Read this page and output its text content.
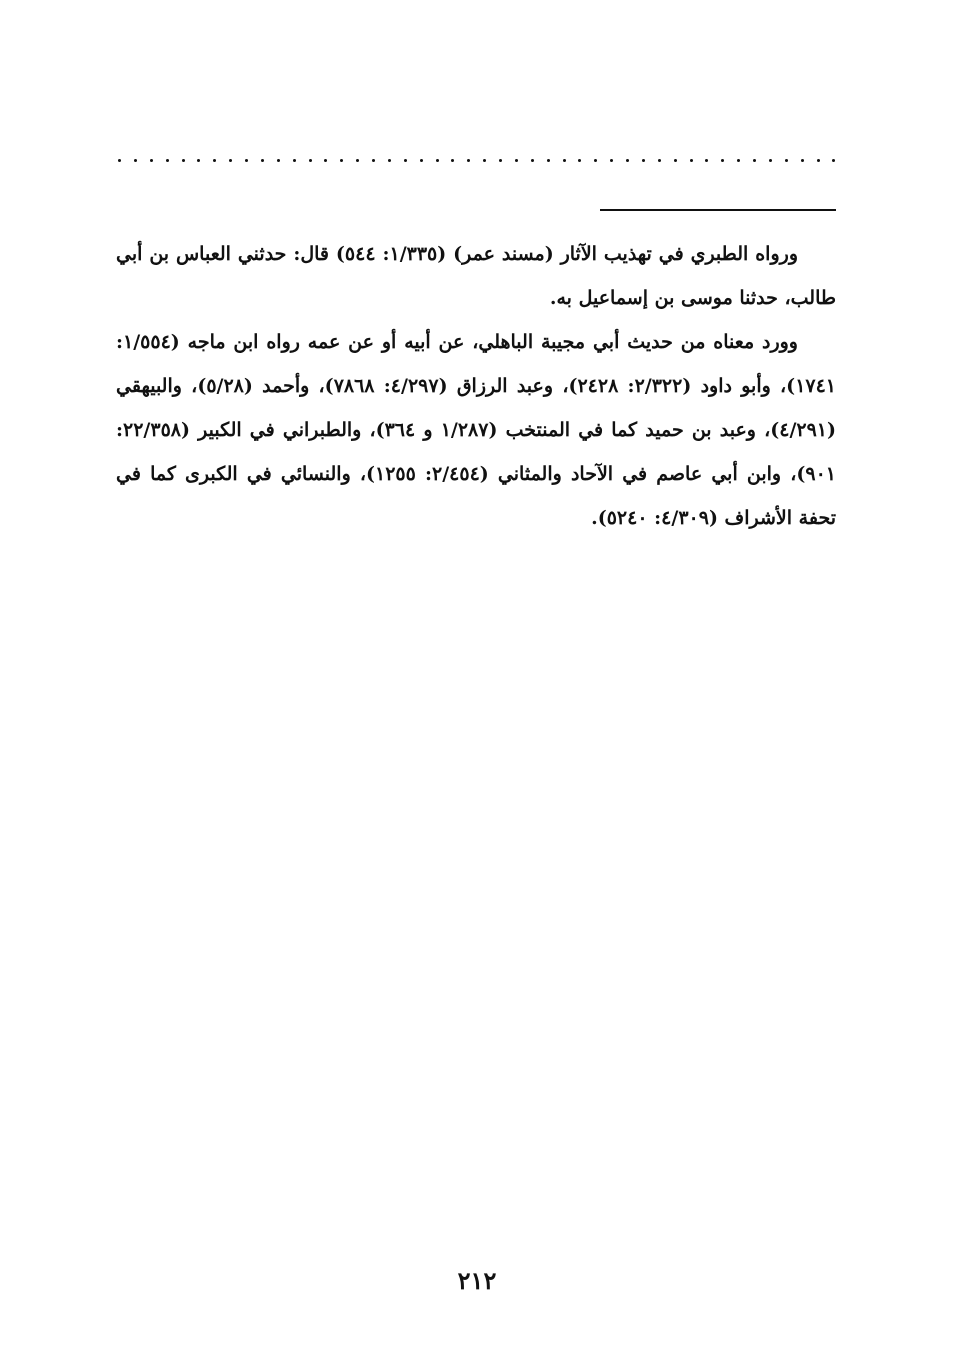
ورواه الطبري في تهذيب الآثار (مسند عمر) (١/٣٣٥: ٥٤٤) قال: حدثني العباس بن أبي طالب، حدثنا موسى بن إسماعيل به.

وورد معناه من حديث أبي مجيبة الباهلي، عن أبيه أو عن عمه رواه ابن ماجه (١/٥٥٤: ١٧٤١)، وأبو داود (٢/٣٢٢: ٢٤٢٨)، وعبد الرزاق (٤/٢٩٧: ٧٨٦٨)، وأحمد (٥/٢٨)، والبيهقي (٤/٢٩١)، وعبد بن حميد كما في المنتخب (١/٢٨٧ و ٣٦٤)، والطبراني في الكبير (٢٢/٣٥٨: ٩٠١)، وابن أبي عاصم في الآحاد والمثاني (٢/٤٥٤: ١٢٥٥)، والنسائي في الكبرى كما في تحفة الأشراف (٤/٣٠٩: ٥٢٤٠).

٢١٢
